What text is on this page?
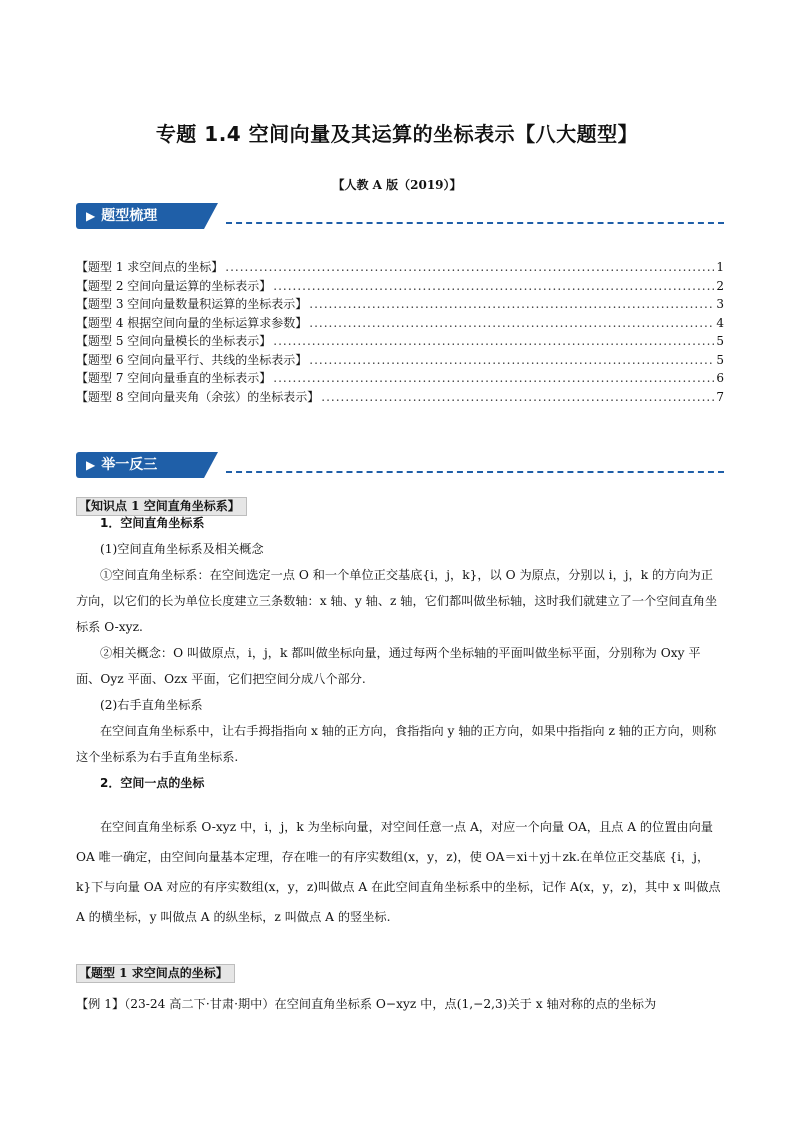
专题 1.4 空间向量及其运算的坐标表示【八大题型】
【人教 A 版（2019）】
▶ 题型梳理
【题型 1 求空间点的坐标】 .....	1
【题型 2 空间向量运算的坐标表示】 .....	2
【题型 3 空间向量数量积运算的坐标表示】 .....	3
【题型 4 根据空间向量的坐标运算求参数】 .....	4
【题型 5 空间向量模长的坐标表示】 .....	5
【题型 6 空间向量平行、共线的坐标表示】 .....	5
【题型 7 空间向量垂直的坐标表示】 .....	6
【题型 8 空间向量夹角（余弦）的坐标表示】 .....	7
▶ 举一反三
【知识点 1 空间直角坐标系】
1．空间直角坐标系
(1)空间直角坐标系及相关概念
①空间直角坐标系：在空间选定一点 O 和一个单位正交基底{i，j，k}，以 O 为原点，分别以 i，j，k 的方向为正方向，以它们的长为单位长度建立三条数轴：x 轴、y 轴、z 轴，它们都叫做坐标轴，这时我们就建立了一个空间直角坐标系 O-xyz.
②相关概念：O 叫做原点，i，j，k 都叫做坐标向量，通过每两个坐标轴的平面叫做坐标平面，分别称为 Oxy 平面、Oyz 平面、Ozx 平面，它们把空间分成八个部分.
(2)右手直角坐标系
在空间直角坐标系中，让右手拇指指向 x 轴的正方向，食指指向 y 轴的正方向，如果中指指向 z 轴的正方向，则称这个坐标系为右手直角坐标系.
2．空间一点的坐标
在空间直角坐标系 O-xyz 中，i，j，k 为坐标向量，对空间任意一点 A，对应一个向量 OA，且点 A 的位置由向量 OA 唯一确定，由空间向量基本定理，存在唯一的有序实数组(x，y，z)，使 OA＝xi＋yj＋zk.在单位正交基底 {i，j，k}下与向量 OA 对应的有序实数组(x，y，z)叫做点 A 在此空间直角坐标系中的坐标，记作 A(x，y，z)，其中 x 叫做点 A 的横坐标，y 叫做点 A 的纵坐标，z 叫做点 A 的竖坐标.
【题型 1 求空间点的坐标】
【例 1】（23-24 高二下·甘肃·期中）在空间直角坐标系 O−xyz 中，点(1,−2,3)关于 x 轴对称的点的坐标为
